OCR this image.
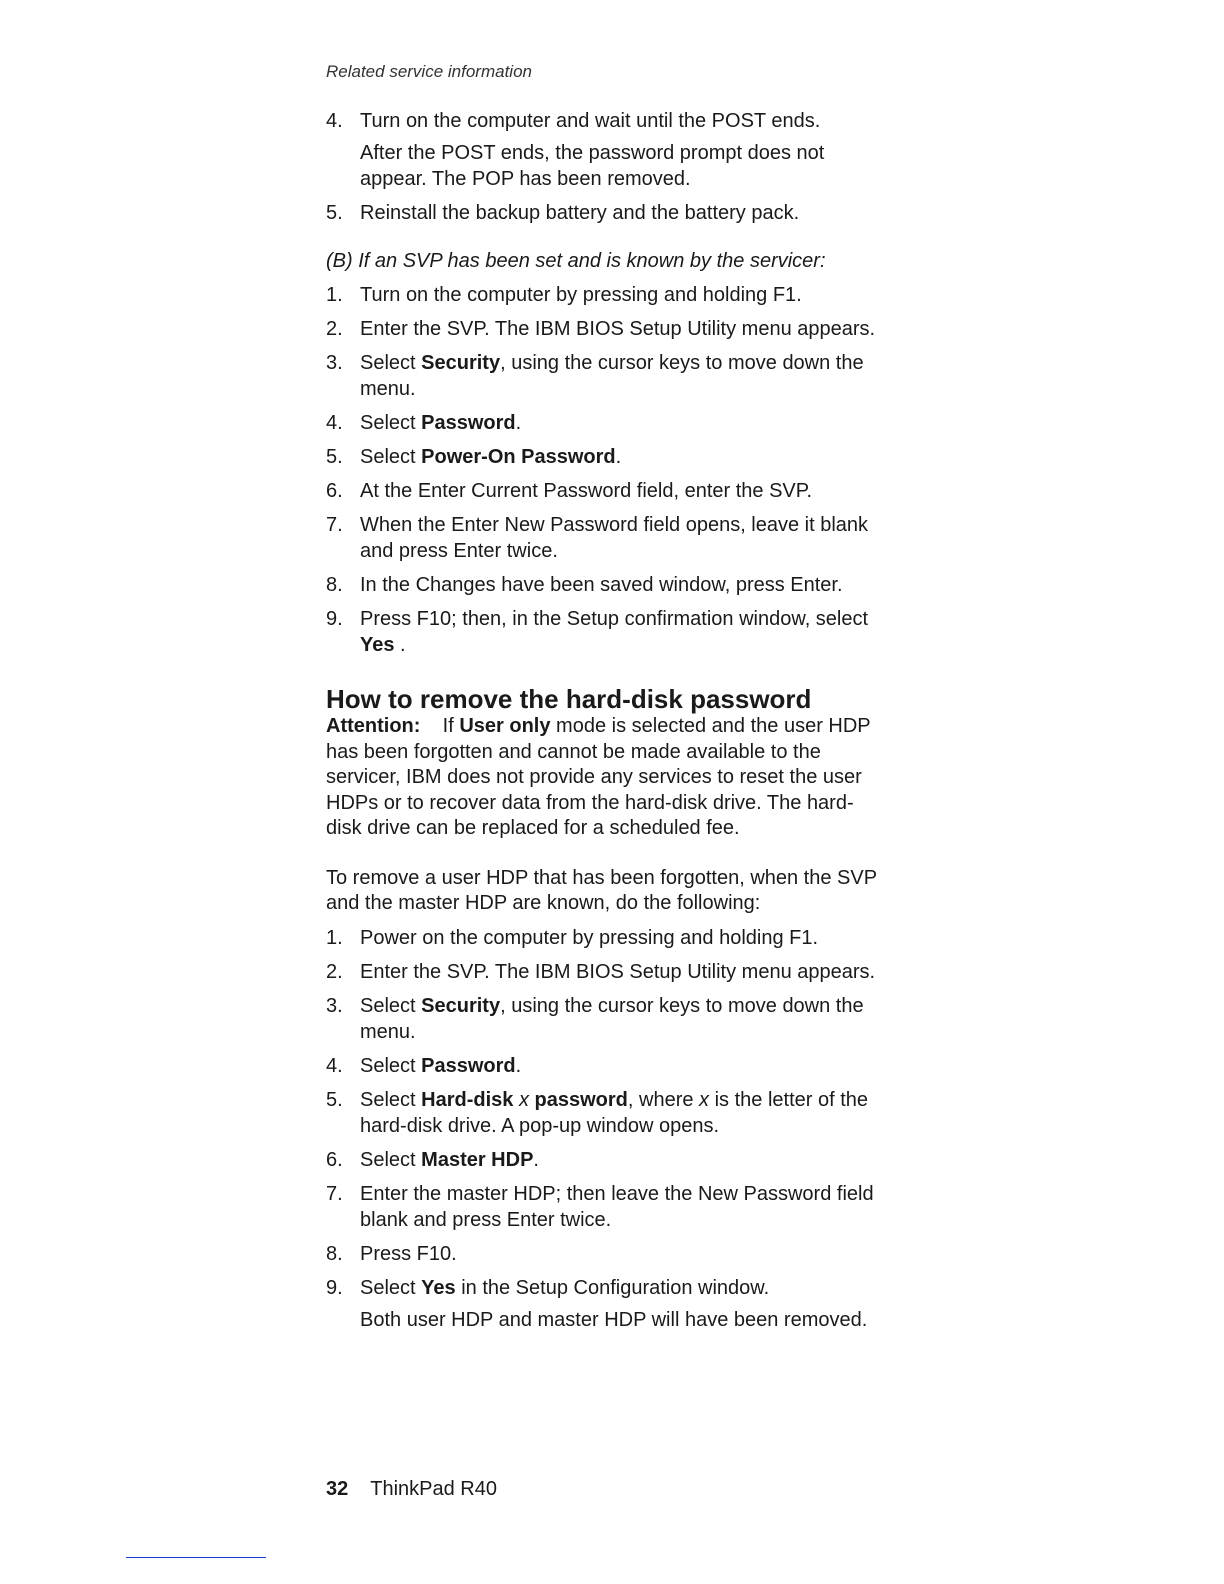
Related service information
4. Turn on the computer and wait until the POST ends.
After the POST ends, the password prompt does not appear. The POP has been removed.
5. Reinstall the backup battery and the battery pack.
(B) If an SVP has been set and is known by the servicer:
1. Turn on the computer by pressing and holding F1.
2. Enter the SVP. The IBM BIOS Setup Utility menu appears.
3. Select Security, using the cursor keys to move down the menu.
4. Select Password.
5. Select Power-On Password.
6. At the Enter Current Password field, enter the SVP.
7. When the Enter New Password field opens, leave it blank and press Enter twice.
8. In the Changes have been saved window, press Enter.
9. Press F10; then, in the Setup confirmation window, select Yes .
How to remove the hard-disk password
Attention: If User only mode is selected and the user HDP has been forgotten and cannot be made available to the servicer, IBM does not provide any services to reset the user HDPs or to recover data from the hard-disk drive. The hard-disk drive can be replaced for a scheduled fee.
To remove a user HDP that has been forgotten, when the SVP and the master HDP are known, do the following:
1. Power on the computer by pressing and holding F1.
2. Enter the SVP. The IBM BIOS Setup Utility menu appears.
3. Select Security, using the cursor keys to move down the menu.
4. Select Password.
5. Select Hard-disk x password, where x is the letter of the hard-disk drive. A pop-up window opens.
6. Select Master HDP.
7. Enter the master HDP; then leave the New Password field blank and press Enter twice.
8. Press F10.
9. Select Yes in the Setup Configuration window.
Both user HDP and master HDP will have been removed.
32 ThinkPad R40
